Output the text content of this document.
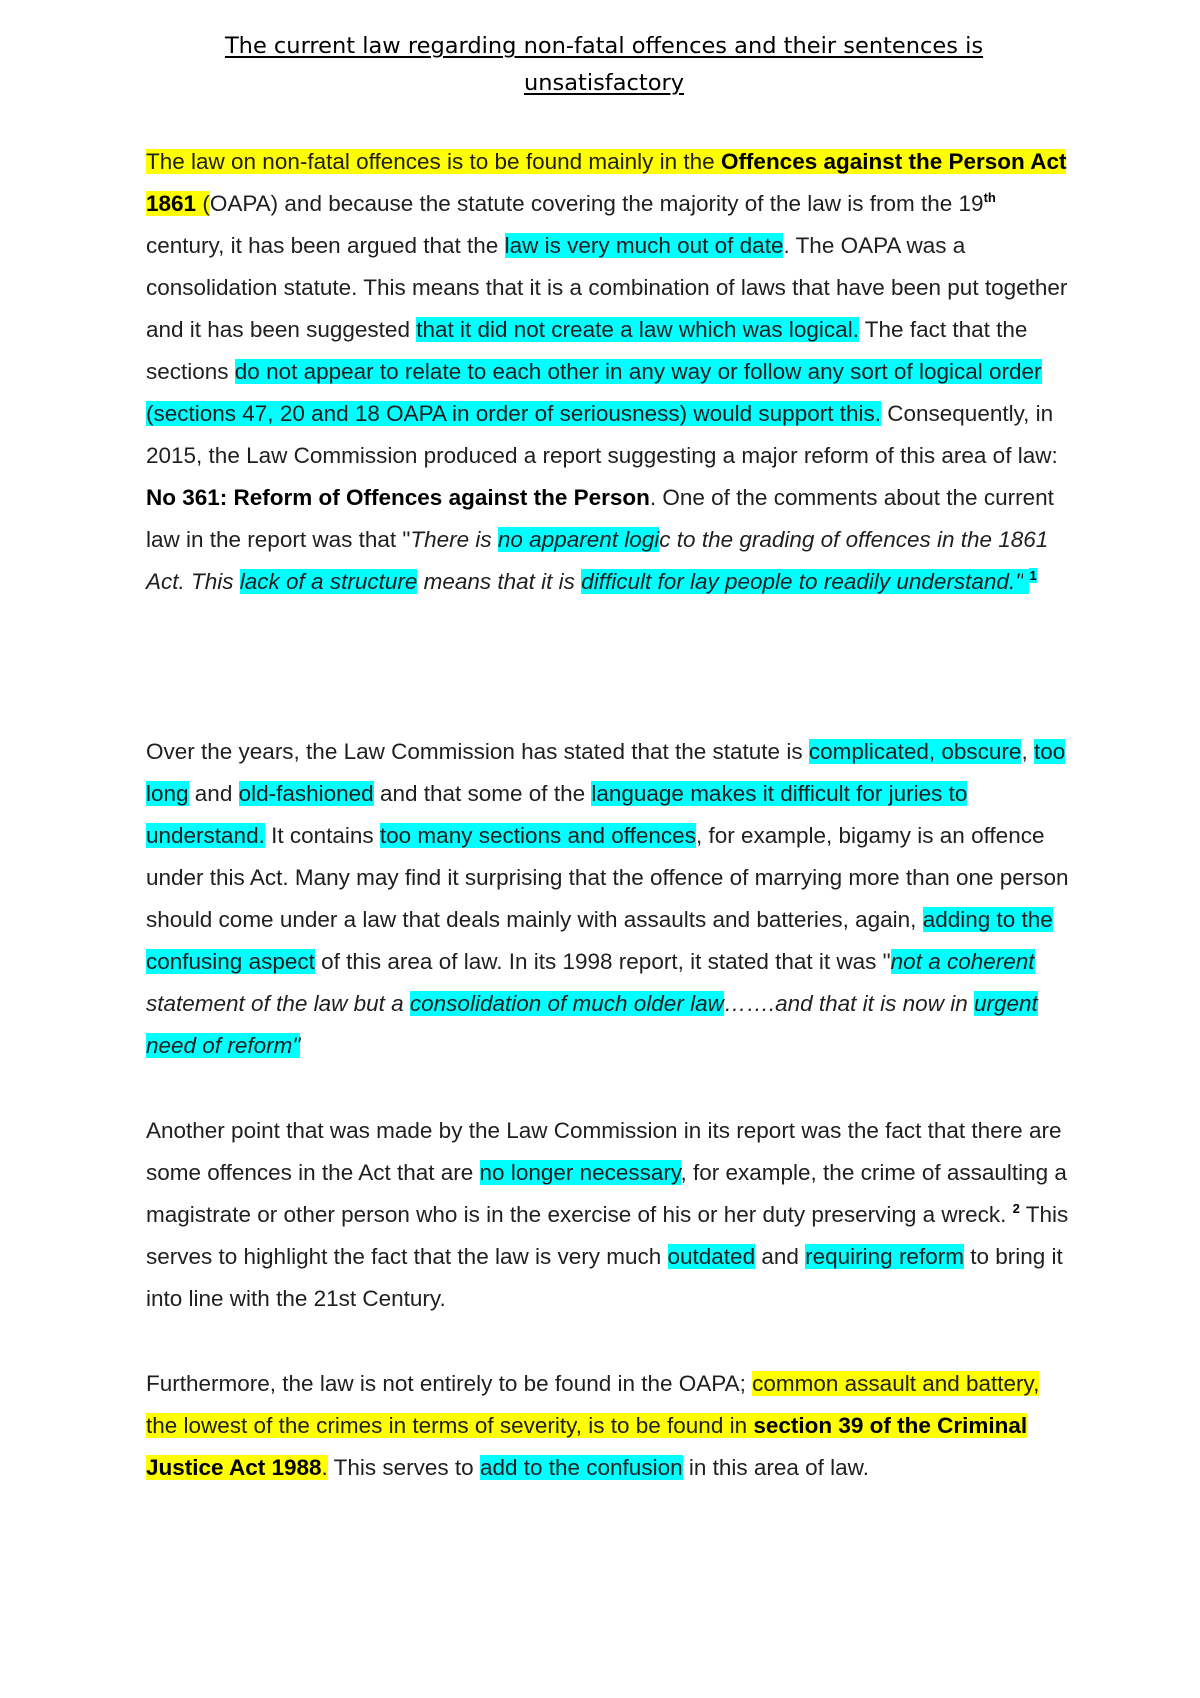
The current law regarding non-fatal offences and their sentences is unsatisfactory

The law on non-fatal offences is to be found mainly in the Offences against the Person Act 1861 (OAPA) and because the statute covering the majority of the law is from the 19th century, it has been argued that the law is very much out of date. The OAPA was a consolidation statute. This means that it is a combination of laws that have been put together and it has been suggested that it did not create a law which was logical. The fact that the sections do not appear to relate to each other in any way or follow any sort of logical order (sections 47, 20 and 18 OAPA in order of seriousness) would support this. Consequently, in 2015, the Law Commission produced a report suggesting a major reform of this area of law: No 361: Reform of Offences against the Person. One of the comments about the current law in the report was that "There is no apparent logic to the grading of offences in the 1861 Act. This lack of a structure means that it is difficult for lay people to readily understand." $^1$

Over the years, the Law Commission has stated that the statute is complicated, obscure, too long and old-fashioned and that some of the language makes it difficult for juries to understand. It contains too many sections and offences, for example, bigamy is an offence under this Act. Many may find it surprising that the offence of marrying more than one person should come under a law that deals mainly with assaults and batteries, again, adding to the confusing aspect of this area of law. In its 1998 report, it stated that it was "not a coherent statement of the law but a consolidation of much older law…….and that it is now in urgent need of reform"

Another point that was made by the Law Commission in its report was the fact that there are some offences in the Act that are no longer necessary, for example, the crime of assaulting a magistrate or other person who is in the exercise of his or her duty preserving a wreck. $^2$ This serves to highlight the fact that the law is very much outdated and requiring reform to bring it into line with the 21st Century.

Furthermore, the law is not entirely to be found in the OAPA; common assault and battery, the lowest of the crimes in terms of severity, is to be found in section 39 of the Criminal Justice Act 1988. This serves to add to the confusion in this area of law.
